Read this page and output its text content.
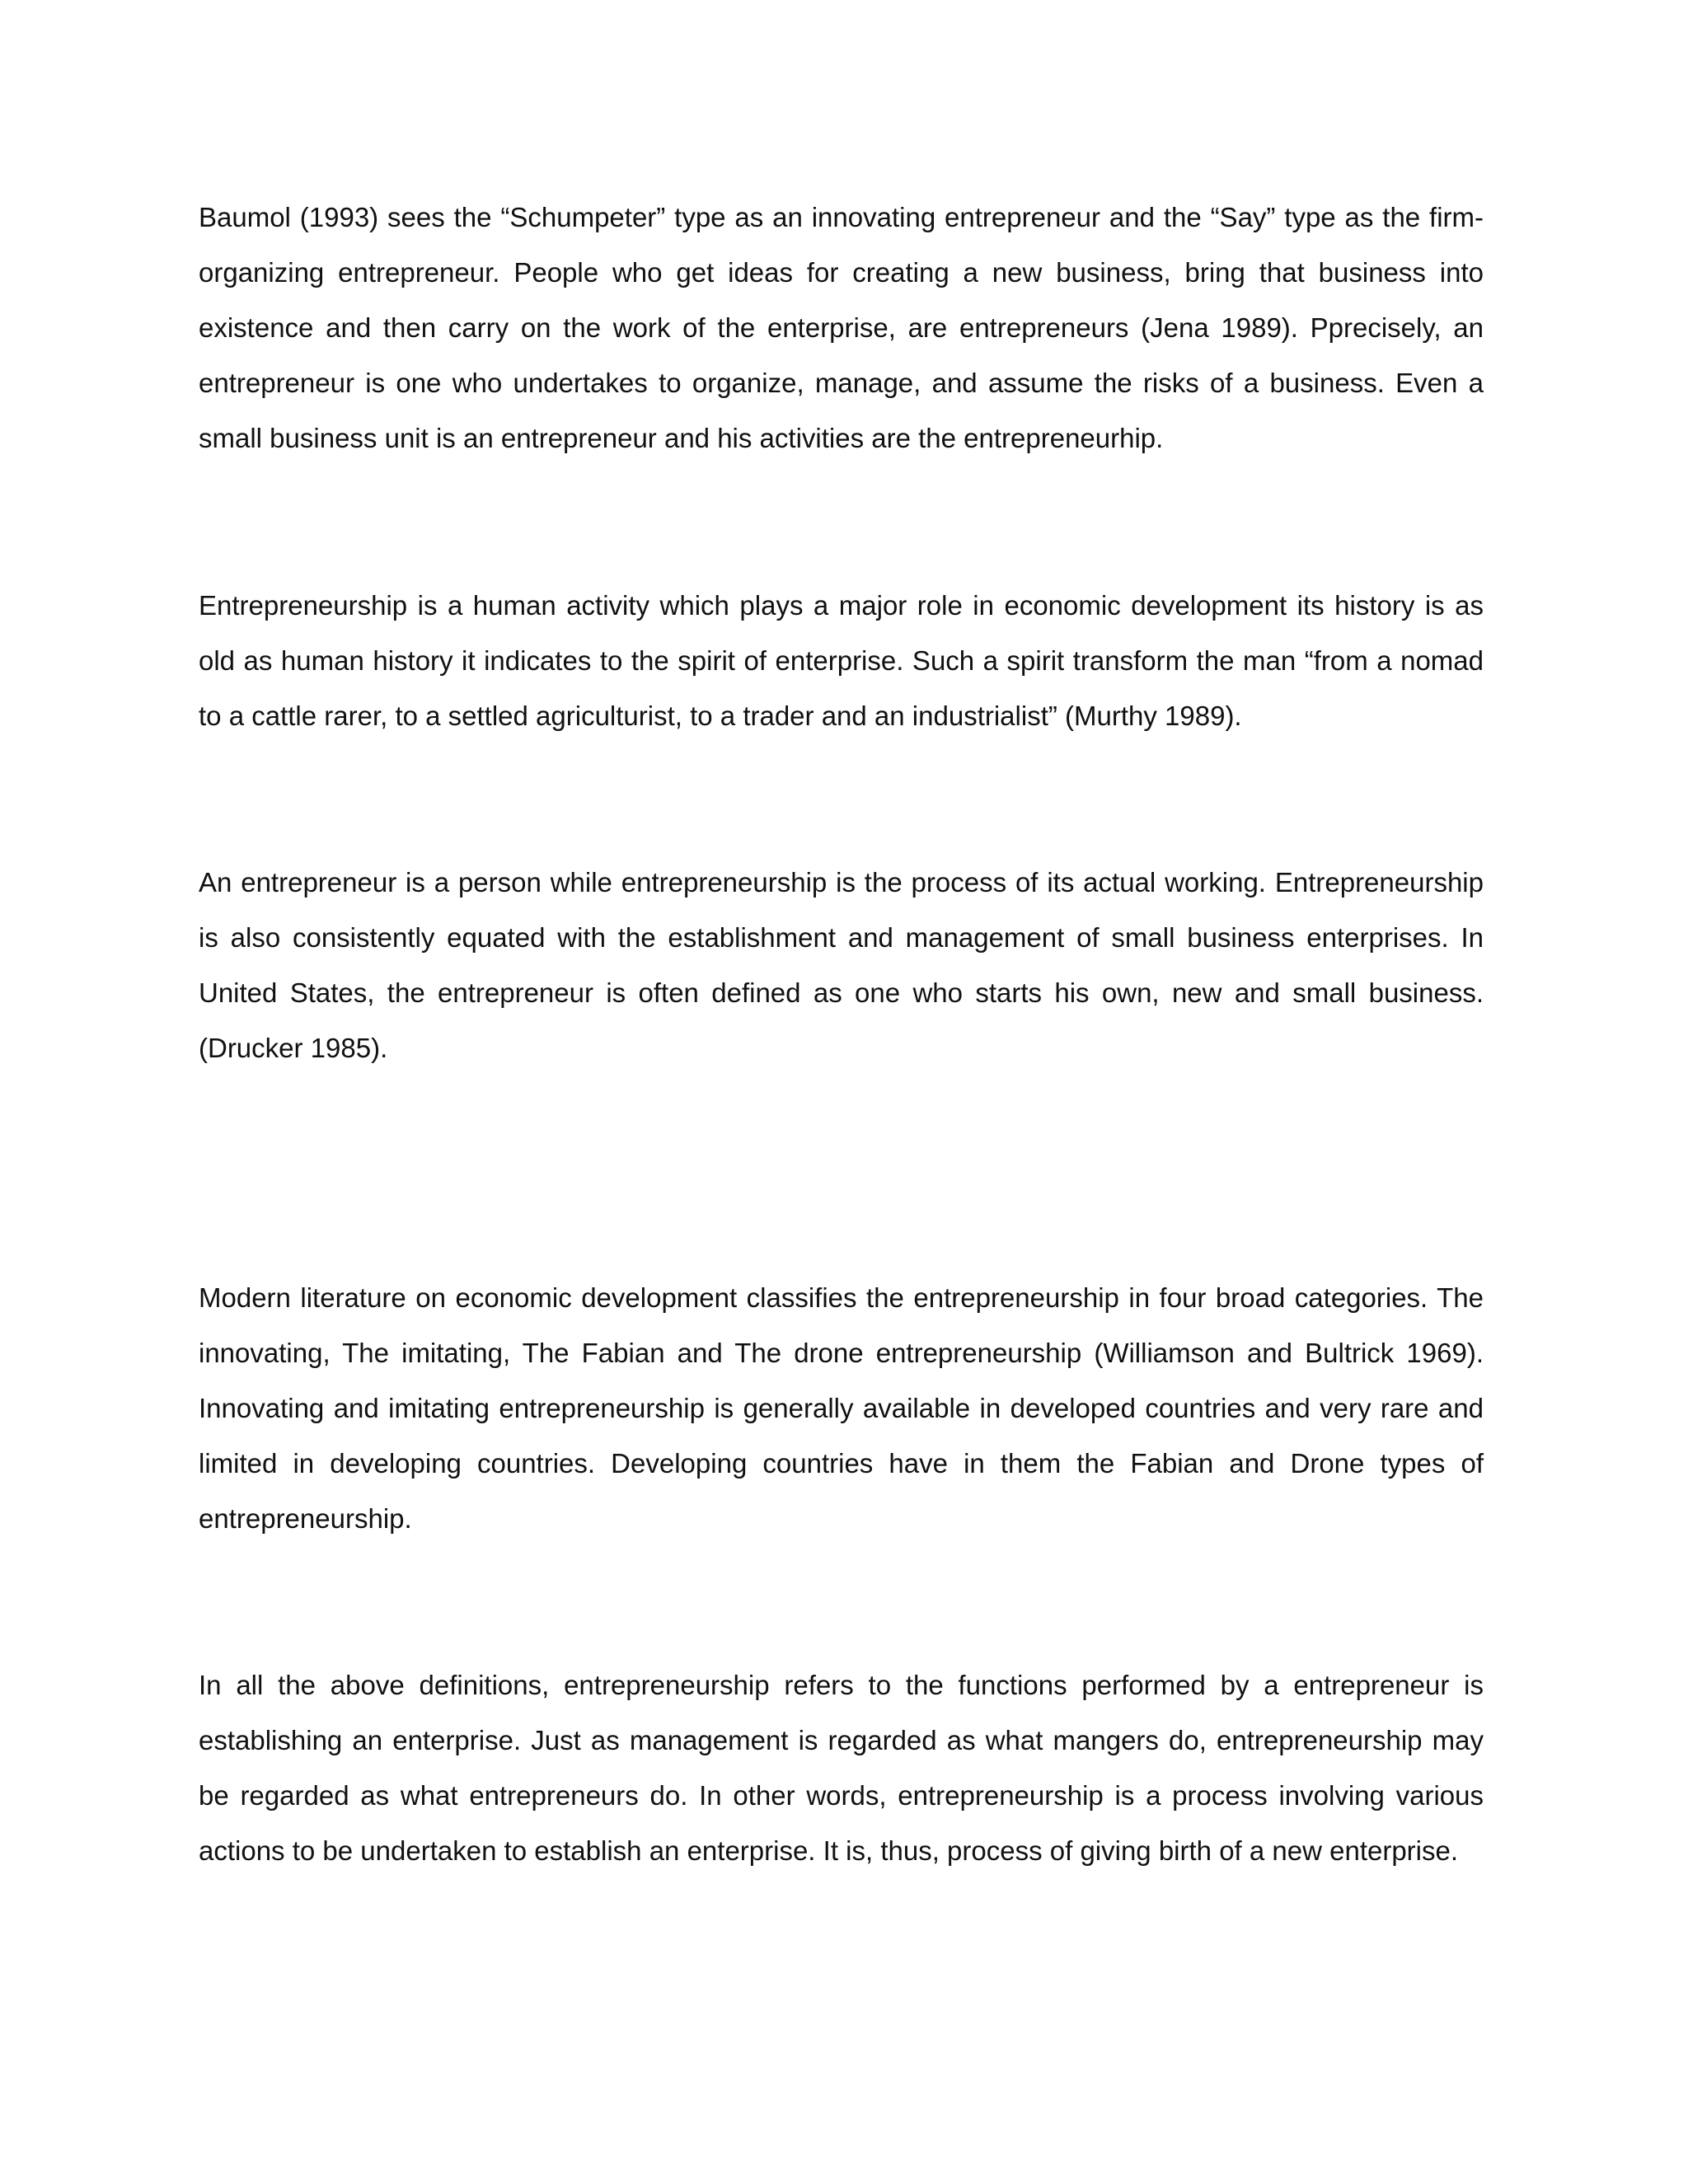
Baumol (1993) sees the “Schumpeter” type as an innovating entrepreneur and the “Say” type as the firm-organizing entrepreneur. People who get ideas for creating a new business, bring that business into existence and then carry on the work of the enterprise, are entrepreneurs (Jena 1989). Pprecisely, an entrepreneur is one who undertakes to organize, manage, and assume the risks of a business. Even a small business unit is an entrepreneur and his activities are the entrepreneurhip.

Entrepreneurship is a human activity which plays a major role in economic development its history is as old as human history it indicates to the spirit of enterprise. Such a spirit transform the man “from a nomad to a cattle rarer, to a settled agriculturist, to a trader and an industrialist” (Murthy 1989).

An entrepreneur is a person while entrepreneurship is the process of its actual working. Entrepreneurship is also consistently equated with the establishment and management of small business enterprises. In United States, the entrepreneur is often defined as one who starts his own, new and small business. (Drucker 1985).

Modern literature on economic development classifies the entrepreneurship in four broad categories. The innovating, The imitating, The Fabian and The drone entrepreneurship (Williamson and Bultrick 1969). Innovating and imitating entrepreneurship is generally available in developed countries and very rare and limited in developing countries. Developing countries have in them the Fabian and Drone types of entrepreneurship.

In all the above definitions, entrepreneurship refers to the functions performed by a entrepreneur is establishing an enterprise. Just as management is regarded as what mangers do, entrepreneurship may be regarded as what entrepreneurs do. In other words, entrepreneurship is a process involving various actions to be undertaken to establish an enterprise. It is, thus, process of giving birth of a new enterprise.
